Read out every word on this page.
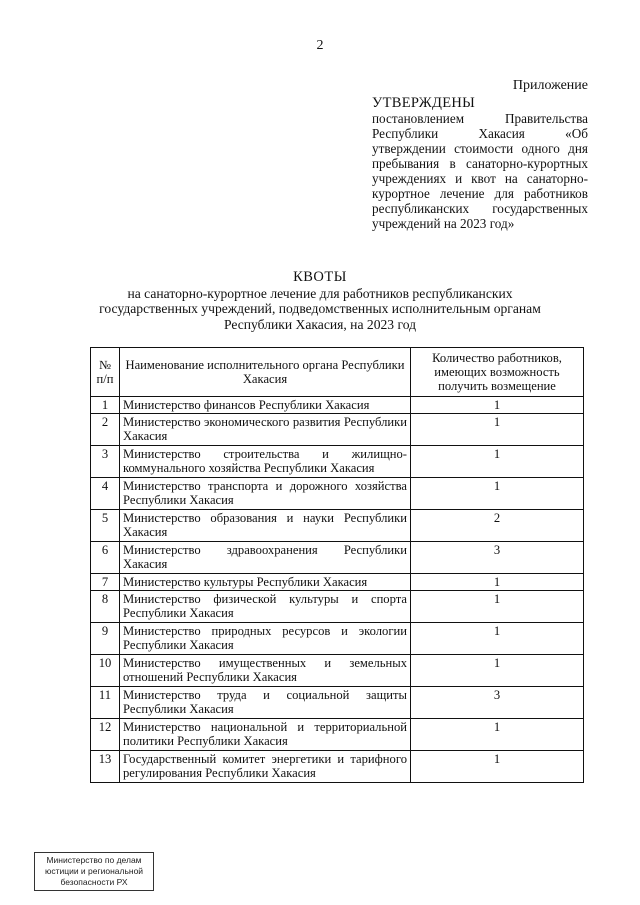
2
Приложение
УТВЕРЖДЕНЫ
постановлением Правительства Республики Хакасия «Об утверждении стоимости одного дня пребывания в санаторно-курортных учреждениях и квот на санаторно-курортное лечение для работников республиканских государственных учреждений на 2023 год»
КВОТЫ
на санаторно-курортное лечение для работников республиканских
государственных учреждений, подведомственных исполнительным органам
Республики Хакасия, на 2023 год
№ п/п	Наименование исполнительного органа Республики Хакасия	Количество работников, имеющих возможность получить возмещение
1	Министерство финансов Республики Хакасия	1
2	Министерство экономического развития Республики Хакасия	1
3	Министерство строительства и жилищно-коммунального хозяйства Республики Хакасия	1
4	Министерство транспорта и дорожного хозяйства Республики Хакасия	1
5	Министерство образования и науки Республики Хакасия	2
6	Министерство здравоохранения Республики Хакасия	3
7	Министерство культуры Республики Хакасия	1
8	Министерство физической культуры и спорта Республики Хакасия	1
9	Министерство природных ресурсов и экологии Республики Хакасия	1
10	Министерство имущественных и земельных отношений Республики Хакасия	1
11	Министерство труда и социальной защиты Республики Хакасия	3
12	Министерство национальной и территориальной политики Республики Хакасия	1
13	Государственный комитет энергетики и тарифного регулирования Республики Хакасия	1
Министерство по делам
юстиции и региональной
безопасности РХ
